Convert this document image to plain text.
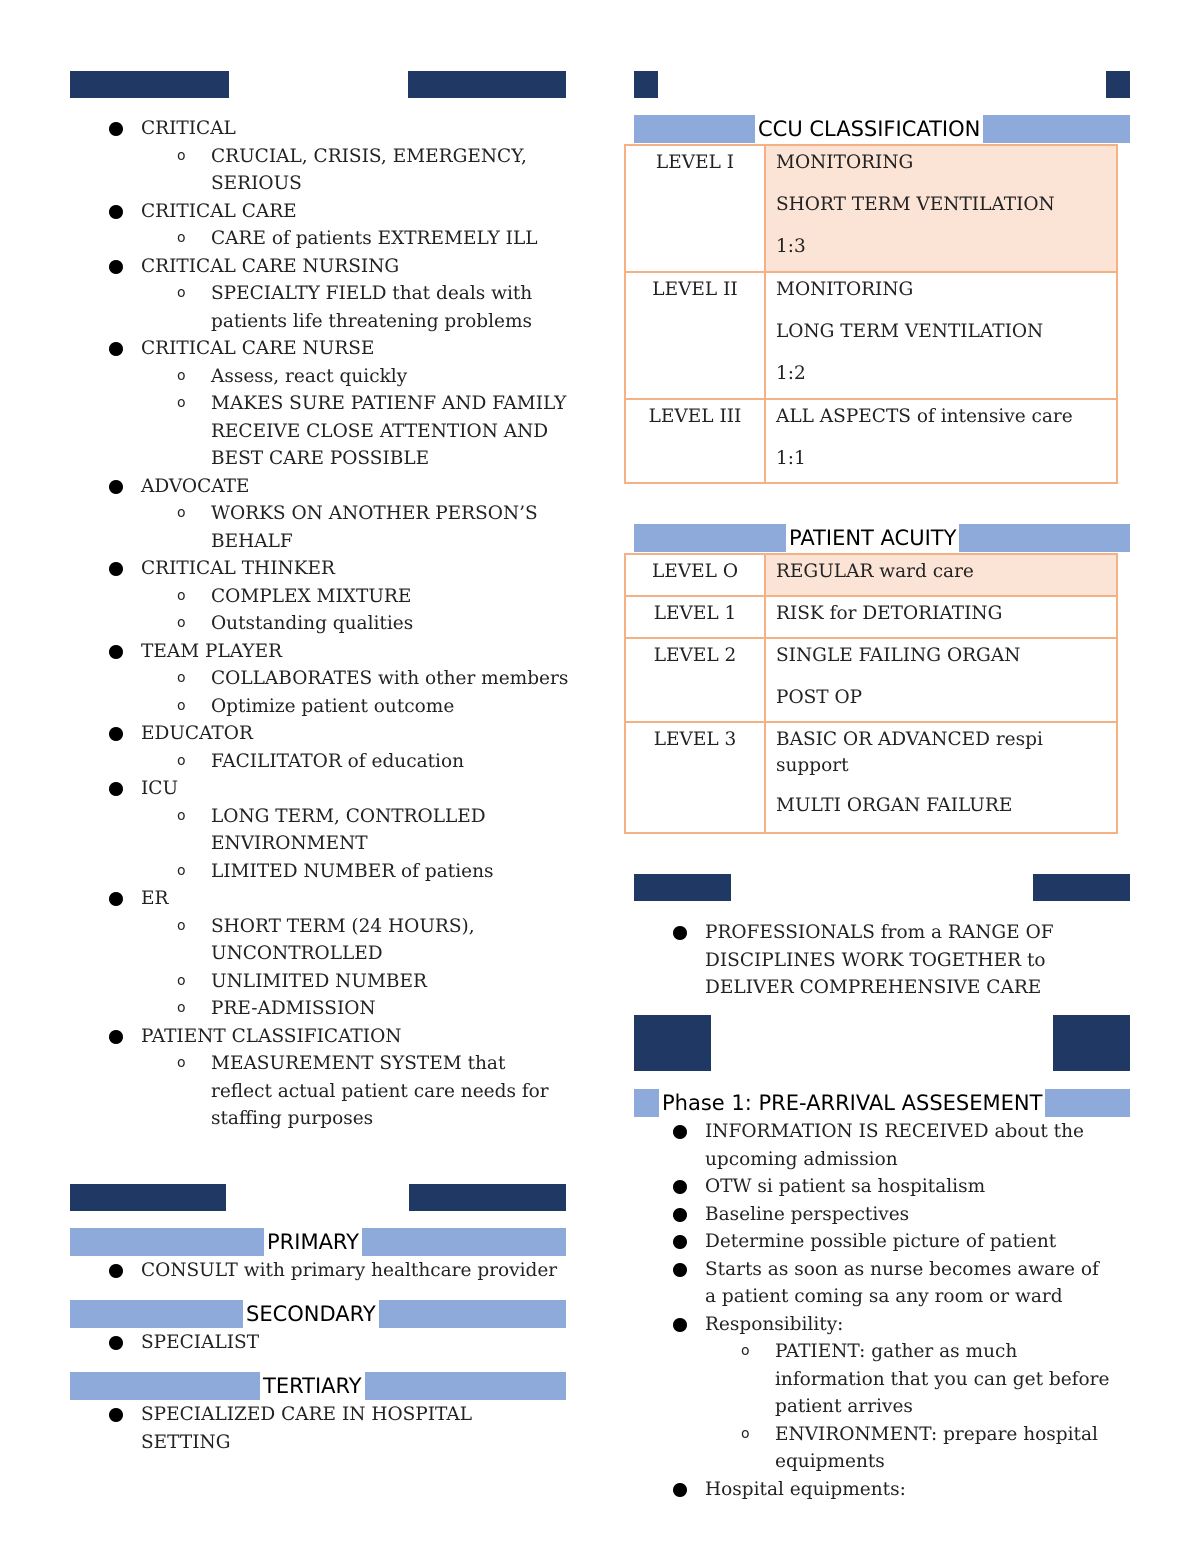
CRITICAL
o CRUCIAL, CRISIS, EMERGENCY, SERIOUS
CRITICAL CARE
o CARE of patients EXTREMELY ILL
CRITICAL CARE NURSING
o SPECIALTY FIELD that deals with patients life threatening problems
CRITICAL CARE NURSE
o Assess, react quickly
o MAKES SURE PATIENF AND FAMILY RECEIVE CLOSE ATTENTION AND BEST CARE POSSIBLE
ADVOCATE
o WORKS ON ANOTHER PERSON’S BEHALF
CRITICAL THINKER
o COMPLEX MIXTURE
o Outstanding qualities
TEAM PLAYER
o COLLABORATES with other members
o Optimize patient outcome
EDUCATOR
o FACILITATOR of education
ICU
o LONG TERM, CONTROLLED ENVIRONMENT
o LIMITED NUMBER of patiens
ER
o SHORT TERM (24 HOURS), UNCONTROLLED
o UNLIMITED NUMBER
o PRE-ADMISSION
PATIENT CLASSIFICATION
o MEASUREMENT SYSTEM that reflect actual patient care needs for staffing purposes
PRIMARY
CONSULT with primary healthcare provider
SECONDARY
SPECIALIST
TERTIARY
SPECIALIZED CARE IN HOSPITAL SETTING
CCU CLASSIFICATION
LEVEL I	MONITORING

SHORT TERM VENTILATION

1:3

LEVEL II	MONITORING

LONG TERM VENTILATION

1:2

LEVEL III	ALL ASPECTS of intensive care

1:1

PATIENT ACUITY
LEVEL O	REGULAR ward care

LEVEL 1	RISK for DETORIATING

LEVEL 2	SINGLE FAILING ORGAN

POST OP

LEVEL 3	BASIC OR ADVANCED respi support

MULTI ORGAN FAILURE

PROFESSIONALS from a RANGE OF DISCIPLINES WORK TOGETHER to DELIVER COMPREHENSIVE CARE
Phase 1: PRE-ARRIVAL ASSESEMENT
INFORMATION IS RECEIVED about the upcoming admission
OTW si patient sa hospitalism
Baseline perspectives
Determine possible picture of patient
Starts as soon as nurse becomes aware of a patient coming sa any room or ward
Responsibility:
o PATIENT: gather as much information that you can get before patient arrives
o ENVIRONMENT: prepare hospital equipments
Hospital equipments:
